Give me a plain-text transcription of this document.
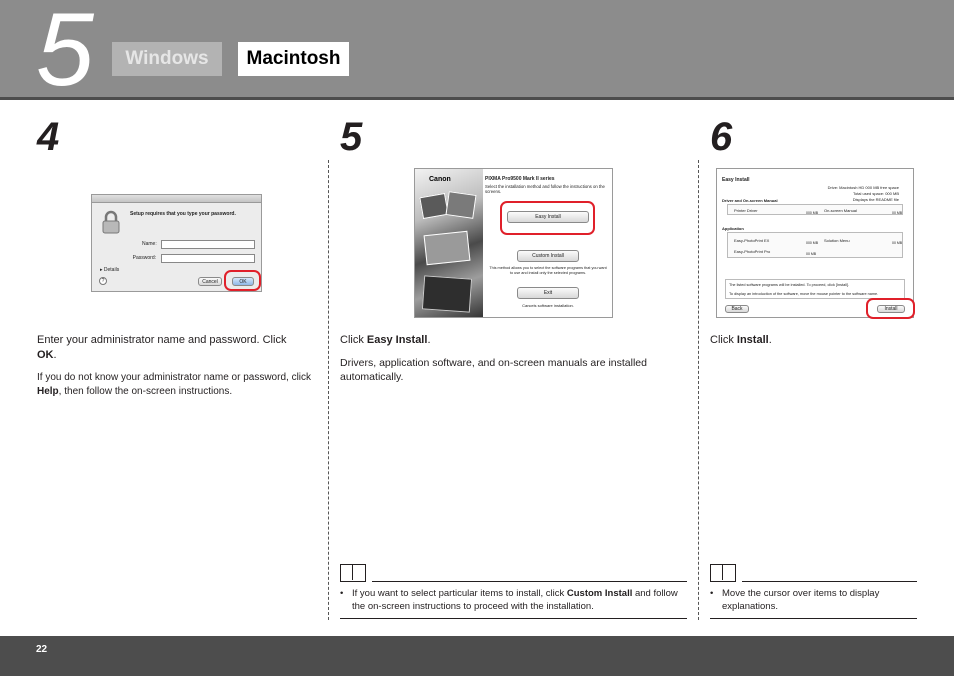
5	Windows	Macintosh
4	5	6
Setup requires that you type your password.
Name:
Password:
▸ Details
?	Cancel	OK
Enter your administrator name and password. Click OK.
If you do not know your administrator name or password, click Help, then follow the on-screen instructions.
Canon	PIXMA Pro9500 Mark II series
Select the installation method and follow the instructions on the screens.
Easy Install
Custom Install
This method allows you to select the software programs that you want to use and install only the selected programs.
Exit
Cancels software installation.
Click Easy Install.
Drivers, application software, and on-screen manuals are installed automatically.
• If you want to select particular items to install, click Custom Install and follow the on-screen instructions to proceed with the installation.
Easy Install
Drive: Macintosh HD 000 MB free space
Total used space: 000 MB
Displays the README file
Driver and On-screen Manual
Printer Driver	000 MB On-screen Manual	00 MB
Application
Easy-PhotoPrint EX	000 MB Solution Menu	00 MB
Easy-PhotoPrint Pro	00 MB
The listed software programs will be installed. To proceed, click [Install].
To display an introduction of the software, move the mouse pointer to the software name.
Back	Install
Click Install.
• Move the cursor over items to display explanations.
22
